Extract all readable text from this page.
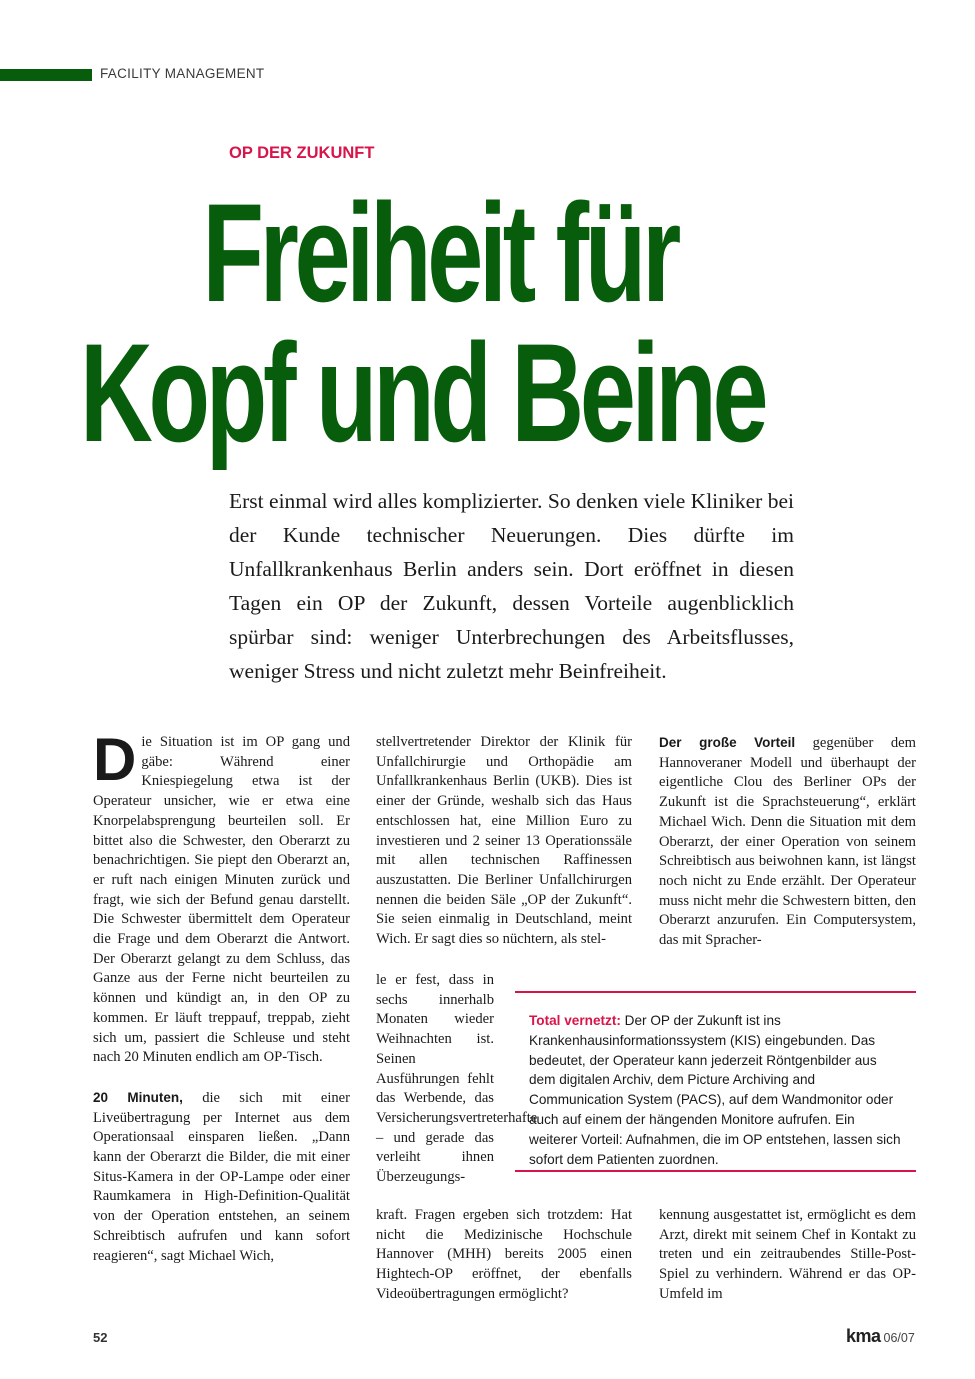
FACILITY MANAGEMENT
OP DER ZUKUNFT
Freiheit für
Kopf und Beine
Erst einmal wird alles komplizierter. So denken viele Kliniker bei der Kunde technischer Neuerungen. Dies dürfte im Unfallkrankenhaus Berlin anders sein. Dort eröffnet in diesen Tagen ein OP der Zukunft, dessen Vorteile augenblicklich spürbar sind: weniger Unterbrechungen des Arbeitsflusses, weniger Stress und nicht zuletzt mehr Beinfreiheit.

Die Situation ist im OP gang und gäbe: Während einer Kniespiegelung etwa ist der Operateur unsicher, wie er etwa eine Knorpelabsprengung beurteilen soll. Er bittet also die Schwester, den Oberarzt zu benachrichtigen. Sie piept den Oberarzt an, er ruft nach einigen Minuten zurück und fragt, wie sich der Befund genau darstellt. Die Schwester übermittelt dem Operateur die Frage und dem Oberarzt die Antwort. Der Oberarzt gelangt zu dem Schluss, das Ganze aus der Ferne nicht beurteilen zu können und kündigt an, in den OP zu kommen. Er läuft treppauf, treppab, zieht sich um, passiert die Schleuse und steht nach 20 Minuten endlich am OP-Tisch.

20 Minuten, die sich mit einer Liveübertragung per Internet aus dem Operationsaal einsparen ließen. „Dann kann der Oberarzt die Bilder, die mit einer Situs-Kamera in der OP-Lampe oder einer Raumkamera in High-Definition-Qualität von der Operation entstehen, an seinem Schreibtisch aufrufen und kann sofort reagieren“, sagt Michael Wich,

stellvertretender Direktor der Klinik für Unfallchirurgie und Orthopädie am Unfallkrankenhaus Berlin (UKB). Dies ist einer der Gründe, weshalb sich das Haus entschlossen hat, eine Million Euro zu investieren und 2 seiner 13 Operationssäle mit allen technischen Raffinessen auszustatten. Die Berliner Unfallchirurgen nennen die beiden Säle „OP der Zukunft“. Sie seien einmalig in Deutschland, meint Wich. Er sagt dies so nüchtern, als stel-

le er fest, dass in sechs innerhalb Monaten wieder Weihnachten ist. Seinen Ausführungen fehlt das Werbende, das Versicherungsvertreterhafte – und gerade das verleiht ihnen Überzeugungs-

kraft. Fragen ergeben sich trotzdem: Hat nicht die Medizinische Hochschule Hannover (MHH) bereits 2005 einen Hightech-OP eröffnet, der ebenfalls Videoübertragungen ermöglicht?

Der große Vorteil gegenüber dem Hannoveraner Modell und überhaupt der eigentliche Clou des Berliner OPs der Zukunft ist die Sprachsteuerung“, erklärt Michael Wich. Denn die Situation mit dem Oberarzt, der einer Operation von seinem Schreibtisch aus beiwohnen kann, ist längst noch nicht zu Ende erzählt. Der Operateur muss nicht mehr die Schwestern bitten, den Oberarzt anzurufen. Ein Computersystem, das mit Spracher-

kennung ausgestattet ist, ermöglicht es dem Arzt, direkt mit seinem Chef in Kontakt zu treten und ein zeitraubendes Stille-Post-Spiel zu verhindern. Während er das OP-Umfeld im

Total vernetzt: Der OP der Zukunft ist ins Krankenhausinformationssystem (KIS) eingebunden. Das bedeutet, der Operateur kann jederzeit Röntgenbilder aus dem digitalen Archiv, dem Picture Archiving and Communication System (PACS), auf dem Wandmonitor oder auch auf einem der hängenden Monitore aufrufen. Ein weiterer Vorteil: Aufnahmen, die im OP entstehen, lassen sich sofort dem Patienten zuordnen.
52	kma 06/07
